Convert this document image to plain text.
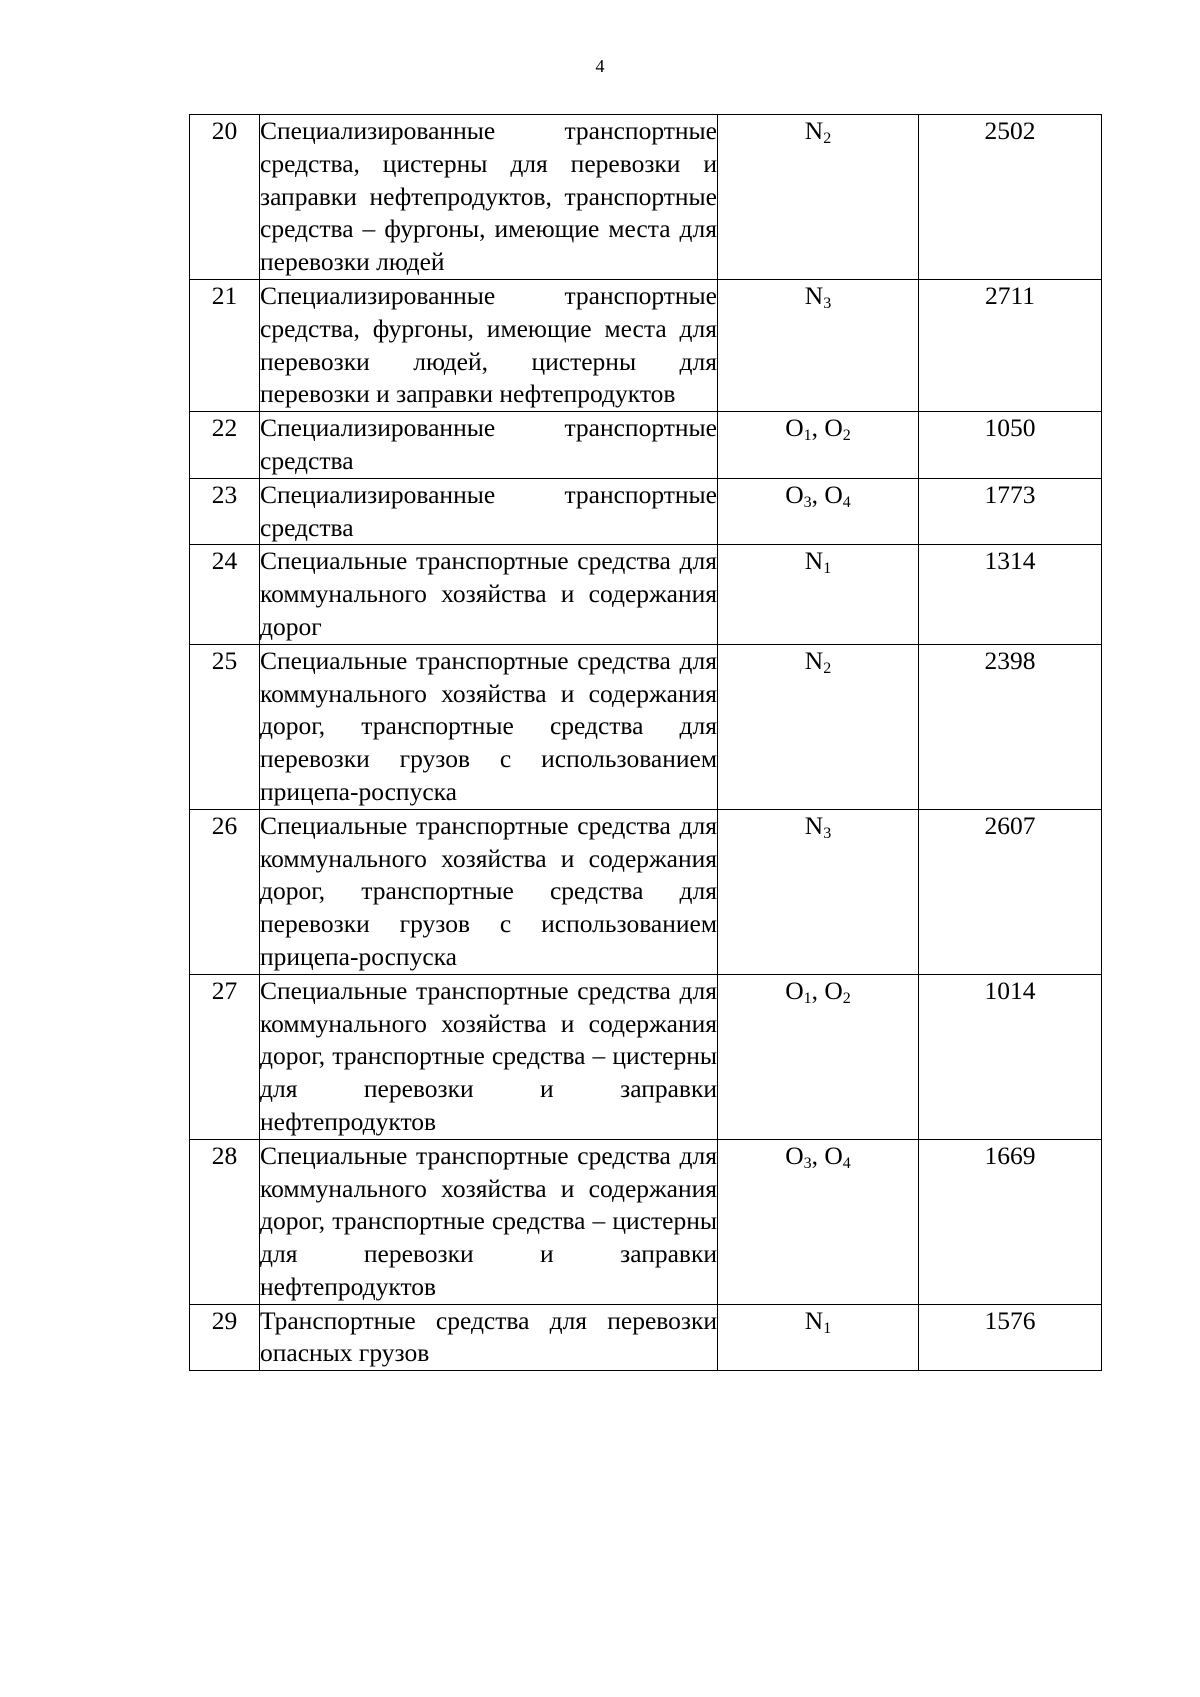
4
20	Специализированные транспортные средства, цистерны для перевозки и заправки нефтепродуктов, транспортные средства – фургоны, имеющие места для перевозки людей	$N_2$	2502
21	Специализированные транспортные средства, фургоны, имеющие места для перевозки людей, цистерны для перевозки и заправки нефтепродуктов	$N_3$	2711
22	Специализированные транспортные средства	$O_1$, $O_2$	1050
23	Специализированные транспортные средства	$O_3$, $O_4$	1773
24	Специальные транспортные средства для коммунального хозяйства и содержания дорог	$N_1$	1314
25	Специальные транспортные средства для коммунального хозяйства и содержания дорог, транспортные средства для перевозки грузов с использованием прицепа-роспуска	$N_2$	2398
26	Специальные транспортные средства для коммунального хозяйства и содержания дорог, транспортные средства для перевозки грузов с использованием прицепа-роспуска	$N_3$	2607
27	Специальные транспортные средства для коммунального хозяйства и содержания дорог, транспортные средства – цистерны для перевозки и заправки нефтепродуктов	$O_1$, $O_2$	1014
28	Специальные транспортные средства для коммунального хозяйства и содержания дорог, транспортные средства – цистерны для перевозки и заправки нефтепродуктов	$O_3$, $O_4$	1669
29	Транспортные средства для перевозки опасных грузов	$N_1$	1576
